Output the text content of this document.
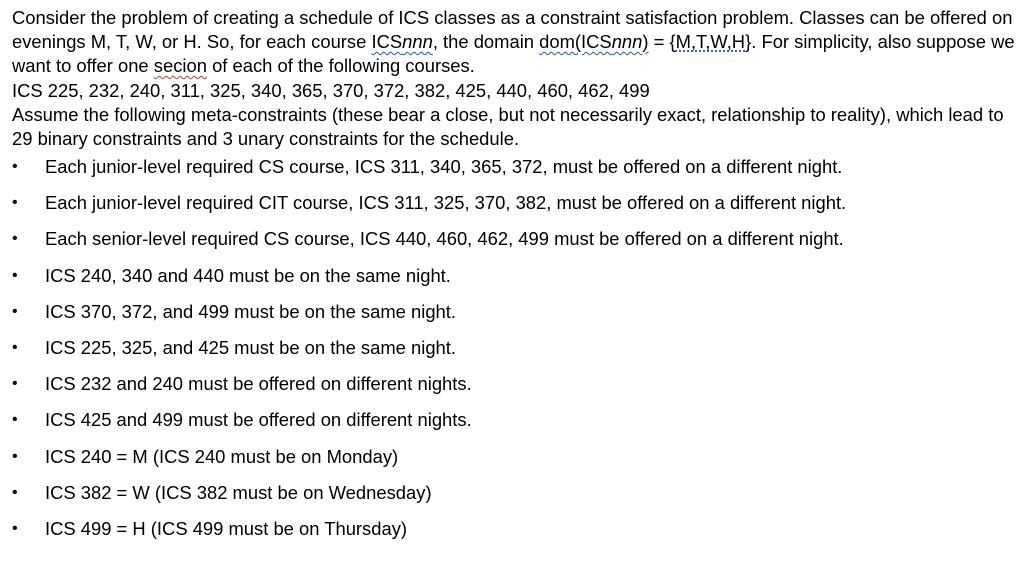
Consider the problem of creating a schedule of ICS classes as a constraint satisfaction problem. Classes can be offered on evenings M, T, W, or H. So, for each course ICSnnn, the domain dom(ICSnnn) = {M,T,W,H}. For simplicity, also suppose we want to offer one secion of each of the following courses.

ICS 225, 232, 240, 311, 325, 340, 365, 370, 372, 382, 425, 440, 460, 462, 499

Assume the following meta-constraints (these bear a close, but not necessarily exact, relationship to reality), which lead to 29 binary constraints and 3 unary constraints for the schedule.

•	Each junior-level required CS course, ICS 311, 340, 365, 372, must be offered on a different night.
•	Each junior-level required CIT course, ICS 311, 325, 370, 382, must be offered on a different night.
•	Each senior-level required CS course, ICS 440, 460, 462, 499 must be offered on a different night.
•	ICS 240, 340 and 440 must be on the same night.
•	ICS 370, 372, and 499 must be on the same night.
•	ICS 225, 325, and 425 must be on the same night.
•	ICS 232 and 240 must be offered on different nights.
•	ICS 425 and 499 must be offered on different nights.
•	ICS 240 = M (ICS 240 must be on Monday)
•	ICS 382 = W (ICS 382 must be on Wednesday)
•	ICS 499 = H (ICS 499 must be on Thursday)
